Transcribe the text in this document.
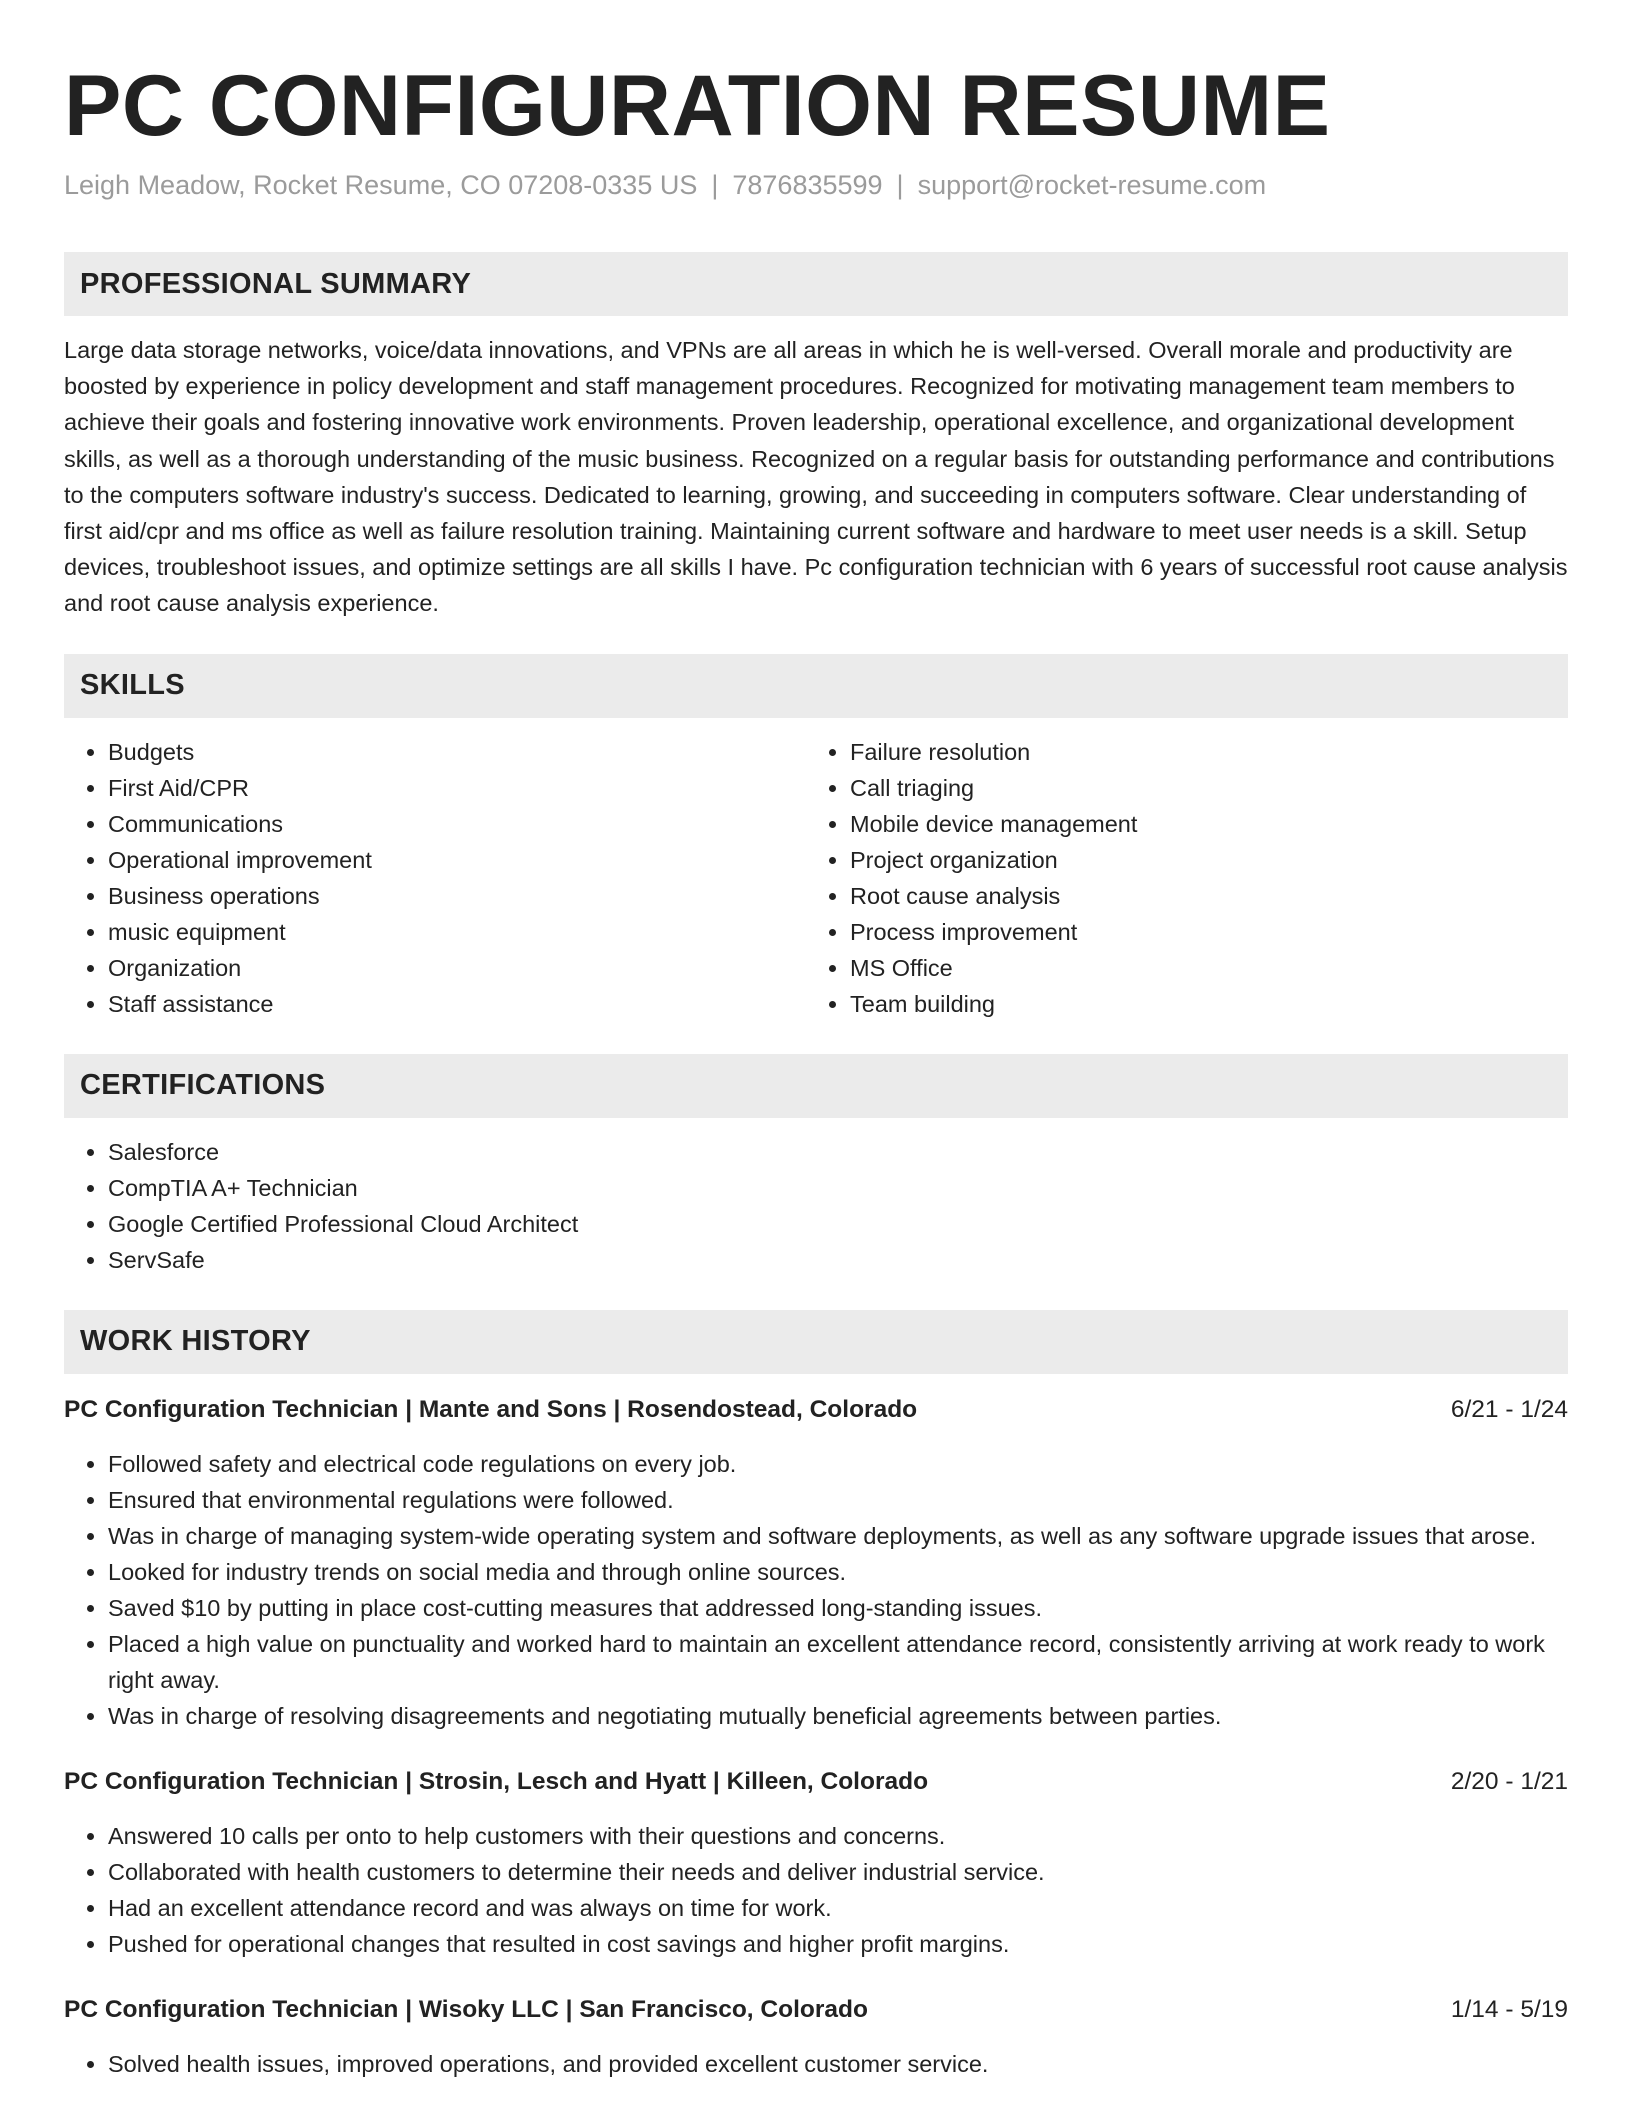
PC CONFIGURATION RESUME
Leigh Meadow, Rocket Resume, CO 07208-0335 US | 7876835599 | support@rocket-resume.com
PROFESSIONAL SUMMARY

Large data storage networks, voice/data innovations, and VPNs are all areas in which he is well-versed. Overall morale and productivity are boosted by experience in policy development and staff management procedures. Recognized for motivating management team members to achieve their goals and fostering innovative work environments. Proven leadership, operational excellence, and organizational development skills, as well as a thorough understanding of the music business. Recognized on a regular basis for outstanding performance and contributions to the computers software industry's success. Dedicated to learning, growing, and succeeding in computers software. Clear understanding of first aid/cpr and ms office as well as failure resolution training. Maintaining current software and hardware to meet user needs is a skill. Setup devices, troubleshoot issues, and optimize settings are all skills I have. Pc configuration technician with 6 years of successful root cause analysis and root cause analysis experience.

SKILLS
• Budgets
• First Aid/CPR
• Communications
• Operational improvement
• Business operations
• music equipment
• Organization
• Staff assistance
• Failure resolution
• Call triaging
• Mobile device management
• Project organization
• Root cause analysis
• Process improvement
• MS Office
• Team building
CERTIFICATIONS
• Salesforce
• CompTIA A+ Technician
• Google Certified Professional Cloud Architect
• ServSafe
WORK HISTORY
PC Configuration Technician | Mante and Sons | Rosendostead, Colorado	6/21 - 1/24
• Followed safety and electrical code regulations on every job.
• Ensured that environmental regulations were followed.
• Was in charge of managing system-wide operating system and software deployments, as well as any software upgrade issues that arose.
• Looked for industry trends on social media and through online sources.
• Saved $10 by putting in place cost-cutting measures that addressed long-standing issues.
• Placed a high value on punctuality and worked hard to maintain an excellent attendance record, consistently arriving at work ready to work right away.
• Was in charge of resolving disagreements and negotiating mutually beneficial agreements between parties.
PC Configuration Technician | Strosin, Lesch and Hyatt | Killeen, Colorado	2/20 - 1/21
• Answered 10 calls per onto to help customers with their questions and concerns.
• Collaborated with health customers to determine their needs and deliver industrial service.
• Had an excellent attendance record and was always on time for work.
• Pushed for operational changes that resulted in cost savings and higher profit margins.
PC Configuration Technician | Wisoky LLC | San Francisco, Colorado	1/14 - 5/19
• Solved health issues, improved operations, and provided excellent customer service.
